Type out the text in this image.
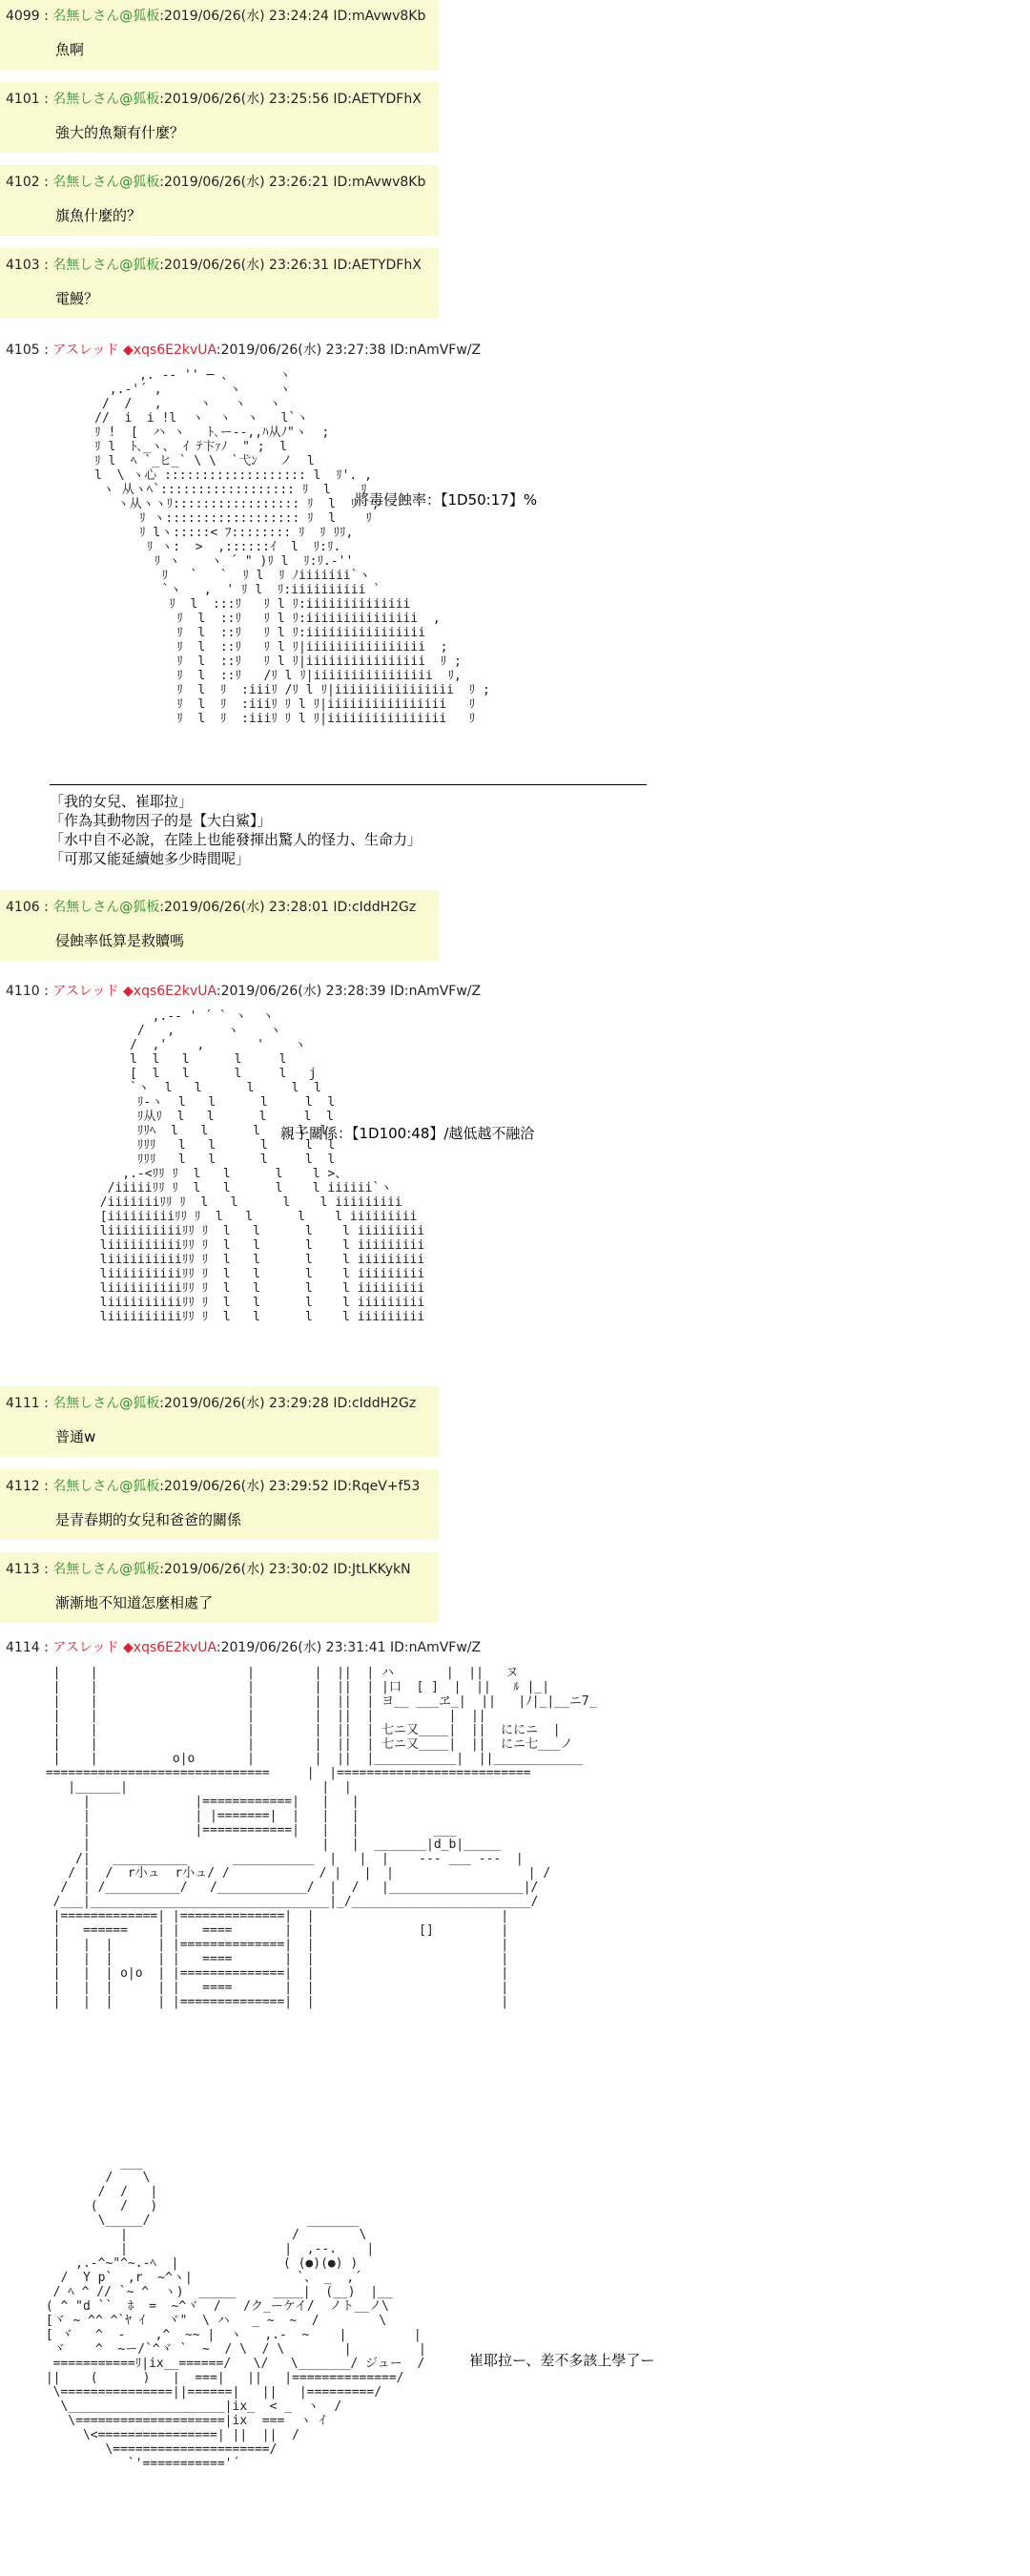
4099 : 名無しさん@狐板:2019/06/26(水) 23:24:24 ID:mAvwv8Kb
魚啊
4101 : 名無しさん@狐板:2019/06/26(水) 23:25:56 ID:AETYDFhX
強大的魚類有什麼？
4102 : 名無しさん@狐板:2019/06/26(水) 23:26:21 ID:mAvwv8Kb
旗魚什麼的？
4103 : 名無しさん@狐板:2019/06/26(水) 23:26:31 ID:AETYDFhX
電鰻？
4105 : アスレッド ◆xqs6E2kvUA:2019/06/26(水) 23:27:38 ID:nAmVFw/Z
,. -‐ '' ─ 、      ヽ
,.‐'´ ,         ヽ     ヽ
/  /   ,     ヽ   ヽ   ヽ
//  i  i !l  ヽ  ヽ  ヽ   l`ヽ
ﾘ !  [  ハ ヽ   ﾄ､ー--,,ﾊ从ﾉ"ヽ  ;
ﾘ l  ﾄ､_ヽ、 ｲ ﾃ卞ｧﾉ  " ;  l
ﾘ l  ﾍ `_ヒ_` \ \  `弋ﾝ   ノ  l
l  \ ヽ心 ::::::::::::::::::: l  ﾘ'. ,
ヽ 从ヽﾍ`:::::::::::::::::: ﾘ  l    ﾘ
ヽ从ヽヽﾘ::::::::::::::::: ﾘ  l  ﾘ  ;
ﾘ ヽ:::::::::::::::::: ﾘ  l    ﾘ
ﾘ lヽ:::::< ﾌ:::::::: ﾘ  ﾘ ﾘﾘ,
ﾘ ヽ:  >  ,::::::ｲ  l  ﾘ:ﾘ.
ﾘ ヽ    ヽ ´ " )ﾘ l  ﾘ:ﾘ.-''
ﾘ   `   `  ﾘ l  ﾘ ﾉiiiiiii`ヽ
`ヽ   ,  ' ﾘ l  ﾘ:iiiiiiiiii `
ﾘ  l  :::ﾘ   ﾘ l ﾘ:iiiiiiiiiiiiii
ﾘ  l  ::ﾘ   ﾘ l ﾘ:iiiiiiiiiiiiiii  ,
ﾘ  l  ::ﾘ   ﾘ l ﾘ:iiiiiiiiiiiiiiii
ﾘ  l  ::ﾘ   ﾘ l ﾘ|iiiiiiiiiiiiiiii  ;
ﾘ  l  ::ﾘ   ﾘ l ﾘ|iiiiiiiiiiiiiiii  ﾘ ;
ﾘ  l  ::ﾘ   /ﾘ l ﾘ|iiiiiiiiiiiiiiii  ﾘ,
ﾘ  l  ﾘ  :iiiﾘ /ﾘ l ﾘ|iiiiiiiiiiiiiiii  ﾘ ;
ﾘ  l  ﾘ  :iiiﾘ ﾘ l ﾘ|iiiiiiiiiiiiiiii   ﾘ
ﾘ  l  ﾘ  :iiiﾘ ﾘ l ﾘ|iiiiiiiiiiiiiiii   ﾘ
將毒侵蝕率：【1D50:17】%
「我的女兒、崔耶拉」
「作為其動物因子的是【大白鯊】」
「水中自不必說，在陸上也能發揮出驚人的怪力、生命力」
「可那又能延續她多少時間呢」
4106 : 名無しさん@狐板:2019/06/26(水) 23:28:01 ID:cIddH2Gz
侵蝕率低算是救贖嗎
4110 : アスレッド ◆xqs6E2kvUA:2019/06/26(水) 23:28:39 ID:nAmVFw/Z
,.-‐ ' ´ ` ヽ  ヽ
/   ,       ヽ    ヽ
/  ,'    ,       '    ヽ
l  l   l      l     l
[  l   l      l     l   j
`ヽ  l   l      l     l  l
ﾘ-ヽ  l   l      l     l  l
ﾘ从ﾘ  l   l      l     l  l
ﾘﾘﾍ  l   l      l     l  l
ﾘﾘﾘ   l   l      l     l  l
ﾘﾘﾘ   l   l      l     l  l
,.-<ﾘﾘ ﾘ  l   l      l    l >、
/iiiiiﾘﾘ ﾘ  l   l      l    l iiiiii`ヽ
/iiiiiiiﾘﾘ ﾘ  l   l      l    l iiiiiiiii
[iiiiiiiiiﾘﾘ ﾘ  l   l      l    l iiiiiiiii
liiiiiiiiiiﾘﾘ ﾘ  l   l      l    l iiiiiiiii
liiiiiiiiiiﾘﾘ ﾘ  l   l      l    l iiiiiiiii
liiiiiiiiiiﾘﾘ ﾘ  l   l      l    l iiiiiiiii
liiiiiiiiiiﾘﾘ ﾘ  l   l      l    l iiiiiiiii
liiiiiiiiiiﾘﾘ ﾘ  l   l      l    l iiiiiiiii
liiiiiiiiiiﾘﾘ ﾘ  l   l      l    l iiiiiiiii
liiiiiiiiiiﾘﾘ ﾘ  l   l      l    l iiiiiiiii
親子關係：【1D100:48】/越低越不融洽
4111 : 名無しさん@狐板:2019/06/26(水) 23:29:28 ID:cIddH2Gz
普通w
4112 : 名無しさん@狐板:2019/06/26(水) 23:29:52 ID:RqeV+f53
是青春期的女兒和爸爸的關係
4113 : 名無しさん@狐板:2019/06/26(水) 23:30:02 ID:JtLKKykN
漸漸地不知道怎麼相處了
4114 : アスレッド ◆xqs6E2kvUA:2019/06/26(水) 23:31:41 ID:nAmVFw/Z
|    |                    |        |  ||  | ハ       |  ||   ヌ
|    |                    |        |  ||  | |口  [ ]  |  ||   ﾙ |_|
|    |                    |        |  ||  | ヨ__ ___ヱ_|  ||   |ﾉ|_|__ニ7_
|    |                    |        |  ||  |          |  ||
|    |                    |        |  ||  | 七ニ又____|  ||  ににニ  |
|    |                    |        |  ||  | 七ニ又____|  ||  にニ七___ノ
|    |          o|o       |        |  ||  |___________|  ||____________
==============================     |  |==========================
|______|                          |  |
|              |============|   |   |
|              | |=======|  |   |   |
|              |============|   |   |          ___
|                               |   |  _______|d_b|_____
/|   __________      ___________  |   |  |    --- ___ ---  |
/ |  /  r小ュ  r小ュ/ /            / |   |  |                  | /
/  | /__________/   /____________/  |  /   |__________________|/
/___|________________________________|_/________________________/
|=============| |==============|  |                         |
|   ======    | |   ====       |  |              []         |
|   |  |      | |==============|  |                         |
|   |  |      | |   ====       |  |                         |
|   |  | o|o  | |==============|  |                         |
|   |  |      | |   ====       |  |                         |
|   |  |      | |==============|  |                         |
___
/    \
/  /   |
(   /   )
\_____/                     _______
|                      /        \
|                     |  ,--.    |
,.-^~"^~.-ﾍ  |              ( (●)(●) )
/  Y p`  ,r  ~^ヽ|              `、 _  ,´
/ ﾍ ^ // `~ ^  ヽ)  _____     ____|  (__)  |__
( ^ "d ``  ﾎ  =  ~^ヾ  /   /ク_ーケイ/  ノト__ノ\
[ヾ ~ ^^ ^`ﾔ ｲ   ヾ"  \ ハ   _ ~  ~  /        \
[ ヾ   ^  ‐    ,^  ~~ |  ヽ   ,.-  ~    |         |
ヾ    ^  ~ー/`^ヾ `  ~  / \  / \        |         |
===========ﾘ|ix__======/   \/   \_______/ ジュー  /
||    (      )   |  ===|   ||   |==============/
\===============||======|   ||   |=========/
\_____________________|ix_  < _  ヽ  /
\====================|ix  ===  ヽ ｲ
\<================| ||  ||  /
\=====================/
`'==========='´
崔耶拉ー、差不多該上學了ー
